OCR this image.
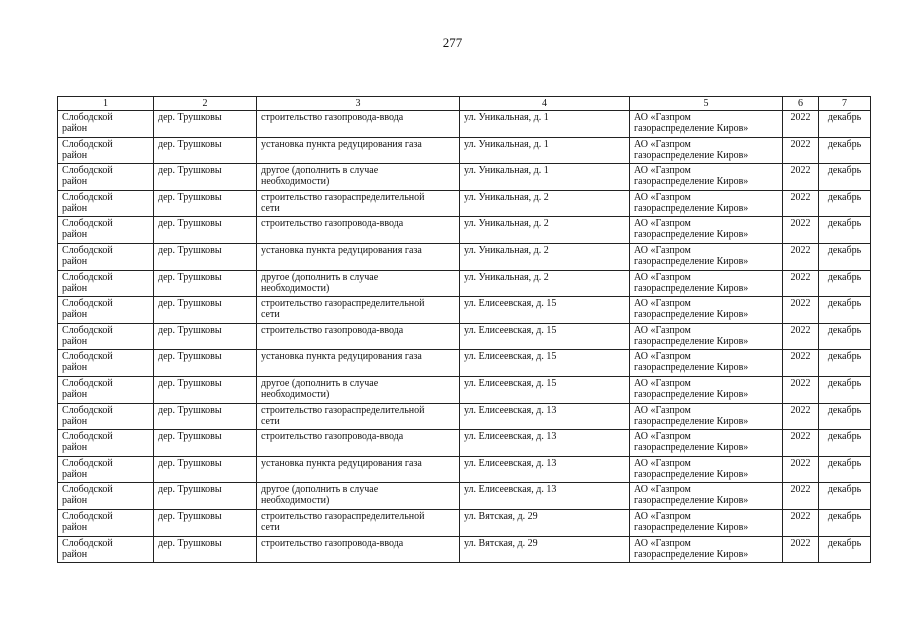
277
1	2	3	4	5	6	7

Слободской
район	дер. Трушковы	строительство газопровода-ввода	ул. Уникальная, д. 1	АО «Газпром
газораспределение Киров»	2022	декабрь

Слободской
район	дер. Трушковы	установка пункта редуцирования газа	ул. Уникальная, д. 1	АО «Газпром
газораспределение Киров»	2022	декабрь

Слободской
район	дер. Трушковы	другое (дополнить в случае
необходимости)	ул. Уникальная, д. 1	АО «Газпром
газораспределение Киров»	2022	декабрь

Слободской
район	дер. Трушковы	строительство газораспределительной
сети	ул. Уникальная, д. 2	АО «Газпром
газораспределение Киров»	2022	декабрь

Слободской
район	дер. Трушковы	строительство газопровода-ввода	ул. Уникальная, д. 2	АО «Газпром
газораспределение Киров»	2022	декабрь

Слободской
район	дер. Трушковы	установка пункта редуцирования газа	ул. Уникальная, д. 2	АО «Газпром
газораспределение Киров»	2022	декабрь

Слободской
район	дер. Трушковы	другое (дополнить в случае
необходимости)	ул. Уникальная, д. 2	АО «Газпром
газораспределение Киров»	2022	декабрь

Слободской
район	дер. Трушковы	строительство газораспределительной
сети	ул. Елисеевская, д. 15	АО «Газпром
газораспределение Киров»	2022	декабрь

Слободской
район	дер. Трушковы	строительство газопровода-ввода	ул. Елисеевская, д. 15	АО «Газпром
газораспределение Киров»	2022	декабрь

Слободской
район	дер. Трушковы	установка пункта редуцирования газа	ул. Елисеевская, д. 15	АО «Газпром
газораспределение Киров»	2022	декабрь

Слободской
район	дер. Трушковы	другое (дополнить в случае
необходимости)	ул. Елисеевская, д. 15	АО «Газпром
газораспределение Киров»	2022	декабрь

Слободской
район	дер. Трушковы	строительство газораспределительной
сети	ул. Елисеевская, д. 13	АО «Газпром
газораспределение Киров»	2022	декабрь

Слободской
район	дер. Трушковы	строительство газопровода-ввода	ул. Елисеевская, д. 13	АО «Газпром
газораспределение Киров»	2022	декабрь

Слободской
район	дер. Трушковы	установка пункта редуцирования газа	ул. Елисеевская, д. 13	АО «Газпром
газораспределение Киров»	2022	декабрь

Слободской
район	дер. Трушковы	другое (дополнить в случае
необходимости)	ул. Елисеевская, д. 13	АО «Газпром
газораспределение Киров»	2022	декабрь

Слободской
район	дер. Трушковы	строительство газораспределительной
сети	ул. Вятская, д. 29	АО «Газпром
газораспределение Киров»	2022	декабрь

Слободской
район	дер. Трушковы	строительство газопровода-ввода	ул. Вятская, д. 29	АО «Газпром
газораспределение Киров»	2022	декабрь
